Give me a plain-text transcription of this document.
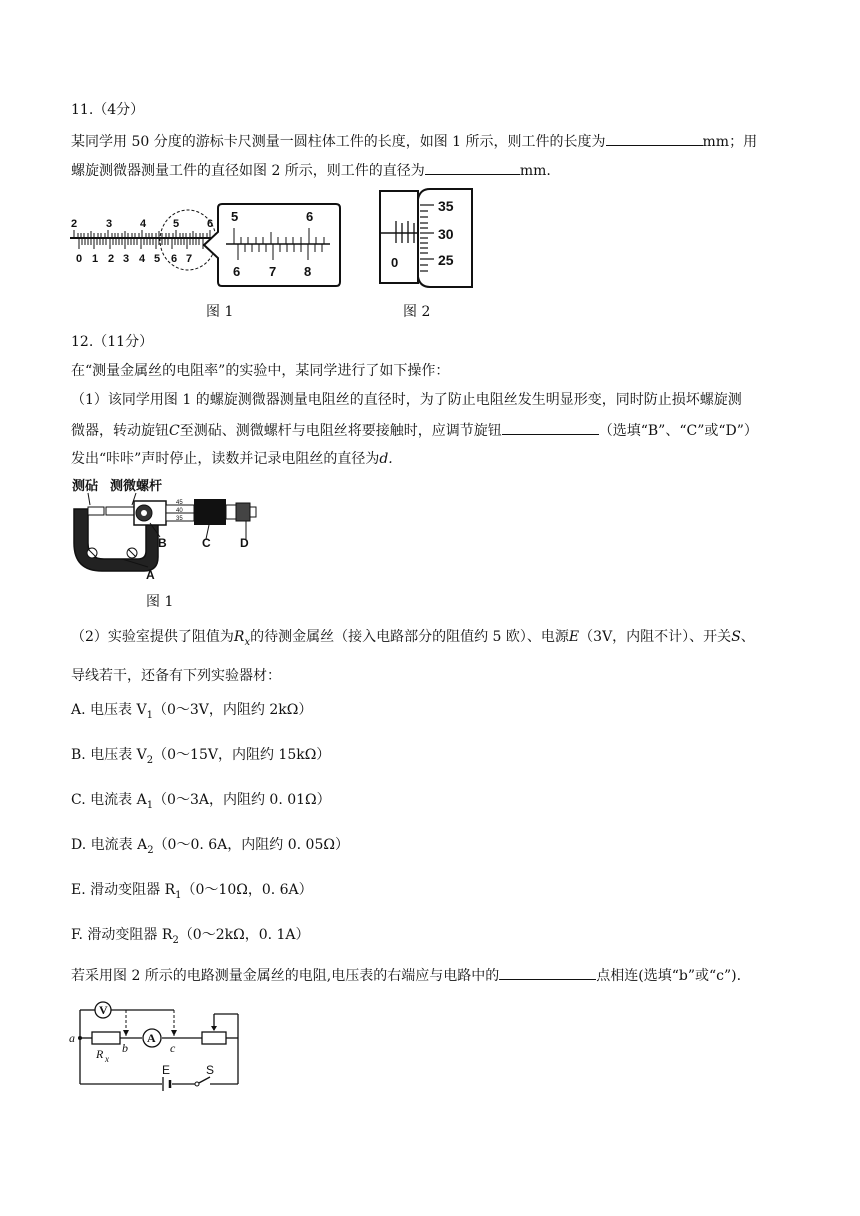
11.（4分）
某同学用 50 分度的游标卡尺测量一圆柱体工件的长度，如图 1 所示，则工件的长度为	mm；用
螺旋测微器测量工件的直径如图 2 所示，则工件的直径为	mm.
2	3	4 5	6
0 1 2 3 4 5 6 7
5	6
6 7 8
图 1
0
35
30
25
图 2
12.（11分）
在“测量金属丝的电阻率”的实验中，某同学进行了如下操作：
（1）该同学用图 1 的螺旋测微器测量电阻丝的直径时，为了防止电阻丝发生明显形变，同时防止损坏螺旋测
微器，转动旋钮C至测砧、测微螺杆与电阻丝将要接触时，应调节旋钮	（选填“B”、“C”或“D”）
发出“咔咔”声时停止，读数并记录电阻丝的直径为d.
测砧 测微螺杆
45
40
35
B	C D
A
图 1
（2）实验室提供了阻值为$R_x$的待测金属丝（接入电路部分的阻值约 5 欧）、电源E（3V，内阻不计）、开关S、
导线若干，还备有下列实验器材：
A. 电压表 $V_1(0\sim 3V$，内阻约 2kΩ）
B. 电压表 $V_2(0\sim 15V$，内阻约 15kΩ）
C. 电流表 $A_1(0\sim 3A$，内阻约 0. 01Ω）
D. 电流表 $A_2(0\sim 0$. 6A，内阻约 0. 05Ω）
E. 滑动变阻器 $R_1(0\sim 10\Omega$，0. 6A）
F. 滑动变阻器 $R_2(0\sim 2k\Omega$，0. 1A）
若采用图 2 所示的电路测量金属丝的电阻,电压表的右端应与电路中的	点相连(选填“b”或“c”).
V
A
a
b	c
R x
E	S
